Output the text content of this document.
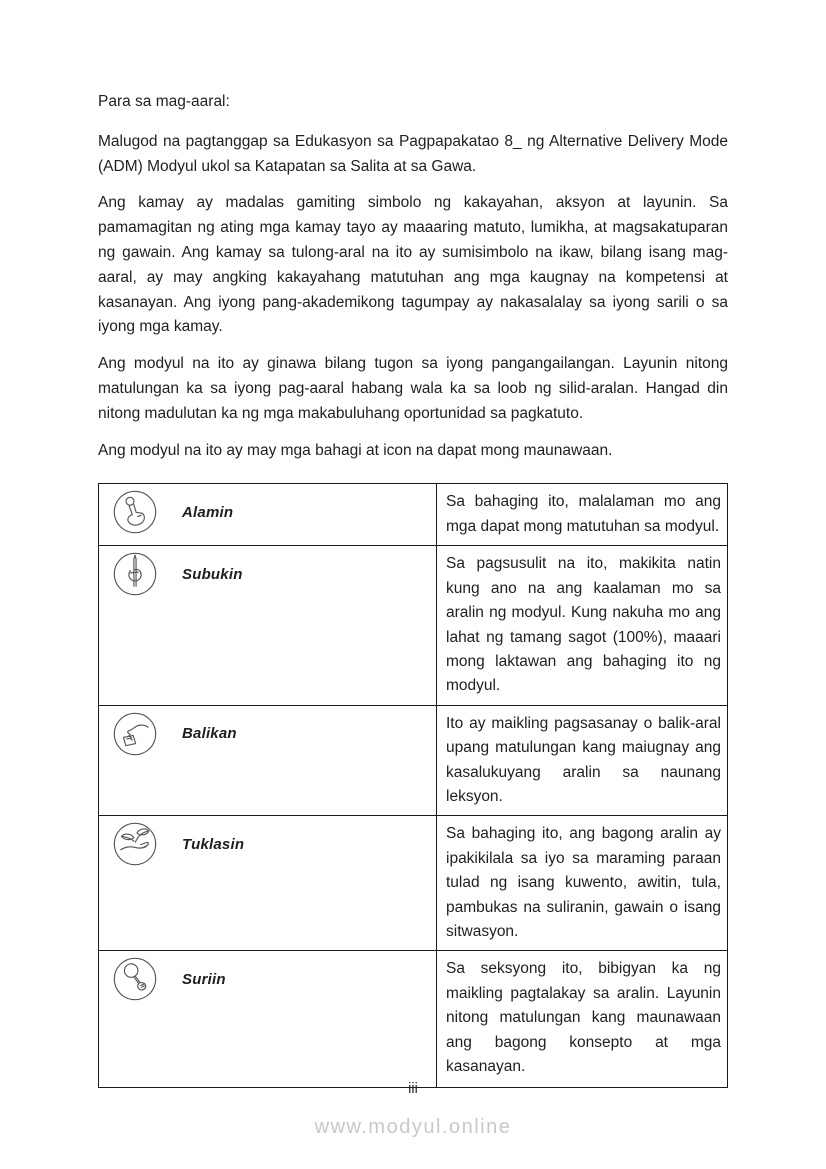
Para sa mag-aaral:

Malugod na pagtanggap sa Edukasyon sa Pagpapakatao 8_ ng Alternative Delivery Mode (ADM) Modyul ukol sa Katapatan sa Salita at sa Gawa.

Ang kamay ay madalas gamiting simbolo ng kakayahan, aksyon at layunin. Sa pamamagitan ng ating mga kamay tayo ay maaaring matuto, lumikha, at magsakatuparan ng gawain. Ang kamay sa tulong-aral na ito ay sumisimbolo na ikaw, bilang isang mag-aaral, ay may angking kakayahang matutuhan ang mga kaugnay na kompetensi at kasanayan. Ang iyong pang-akademikong tagumpay ay nakasalalay sa iyong sarili o sa iyong mga kamay.

Ang modyul na ito ay ginawa bilang tugon sa iyong pangangailangan. Layunin nitong matulungan ka sa iyong pag-aaral habang wala ka sa loob ng silid-aralan. Hangad din nitong madulutan ka ng mga makabuluhang oportunidad sa pagkatuto.

Ang modyul na ito ay may mga bahagi at icon na dapat mong maunawaan.

Alamin	Sa bahaging ito, malalaman mo ang mga dapat mong matutuhan sa modyul.

Subukin	Sa pagsusulit na ito, makikita natin kung ano na ang kaalaman mo sa aralin ng modyul. Kung nakuha mo ang lahat ng tamang sagot (100%), maaari mong laktawan ang bahaging ito ng modyul.

Balikan	Ito ay maikling pagsasanay o balik-aral upang matulungan kang maiugnay ang kasalukuyang aralin sa naunang leksyon.

Tuklasin	Sa bahaging ito, ang bagong aralin ay ipakikilala sa iyo sa maraming paraan tulad ng isang kuwento, awitin, tula, pambukas na suliranin, gawain o isang sitwasyon.

Suriin	Sa seksyong ito, bibigyan ka ng maikling pagtalakay sa aralin. Layunin nitong matulungan kang maunawaan ang bagong konsepto at mga kasanayan.
iii
www.modyul.online
